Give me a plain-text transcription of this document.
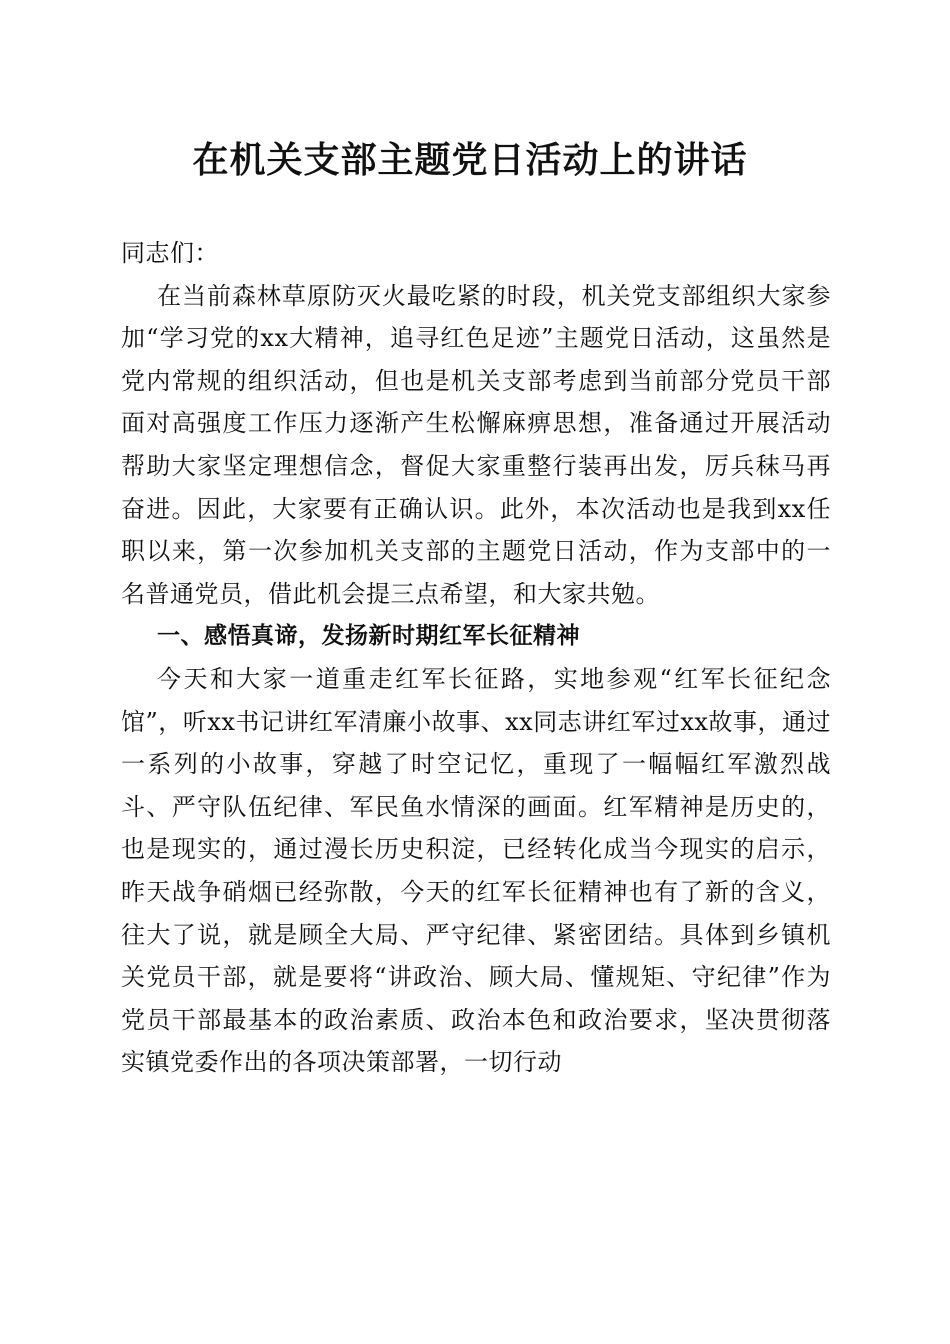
在机关支部主题党日活动上的讲话

同志们：

在当前森林草原防灭火最吃紧的时段，机关党支部组织大家参加“学习党的xx大精神，追寻红色足迹”主题党日活动，这虽然是党内常规的组织活动，但也是机关支部考虑到当前部分党员干部面对高强度工作压力逐渐产生松懈麻痹思想，准备通过开展活动帮助大家坚定理想信念，督促大家重整行装再出发，厉兵秣马再奋进。因此，大家要有正确认识。此外，本次活动也是我到xx任职以来，第一次参加机关支部的主题党日活动，作为支部中的一名普通党员，借此机会提三点希望，和大家共勉。

一、感悟真谛，发扬新时期红军长征精神

今天和大家一道重走红军长征路，实地参观“红军长征纪念馆”，听xx书记讲红军清廉小故事、xx同志讲红军过xx故事，通过一系列的小故事，穿越了时空记忆，重现了一幅幅红军激烈战斗、严守队伍纪律、军民鱼水情深的画面。红军精神是历史的，也是现实的，通过漫长历史积淀，已经转化成当今现实的启示，昨天战争硝烟已经弥散，今天的红军长征精神也有了新的含义，往大了说，就是顾全大局、严守纪律、紧密团结。具体到乡镇机关党员干部，就是要将“讲政治、顾大局、懂规矩、守纪律”作为党员干部最基本的政治素质、政治本色和政治要求，坚决贯彻落实镇党委作出的各项决策部署，一切行动
